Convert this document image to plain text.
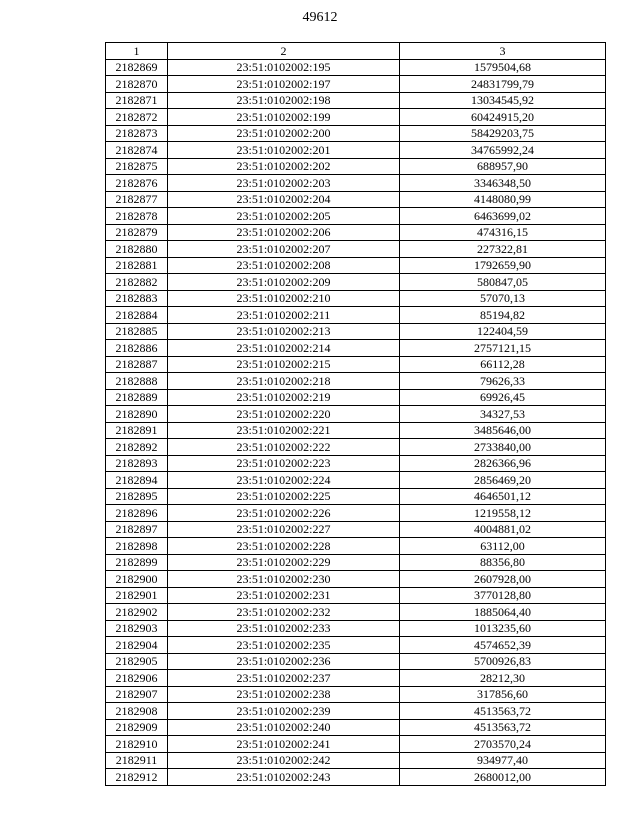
49612
1	2	3
2182869	23:51:0102002:195	1579504,68
2182870	23:51:0102002:197	24831799,79
2182871	23:51:0102002:198	13034545,92
2182872	23:51:0102002:199	60424915,20
2182873	23:51:0102002:200	58429203,75
2182874	23:51:0102002:201	34765992,24
2182875	23:51:0102002:202	688957,90
2182876	23:51:0102002:203	3346348,50
2182877	23:51:0102002:204	4148080,99
2182878	23:51:0102002:205	6463699,02
2182879	23:51:0102002:206	474316,15
2182880	23:51:0102002:207	227322,81
2182881	23:51:0102002:208	1792659,90
2182882	23:51:0102002:209	580847,05
2182883	23:51:0102002:210	57070,13
2182884	23:51:0102002:211	85194,82
2182885	23:51:0102002:213	122404,59
2182886	23:51:0102002:214	2757121,15
2182887	23:51:0102002:215	66112,28
2182888	23:51:0102002:218	79626,33
2182889	23:51:0102002:219	69926,45
2182890	23:51:0102002:220	34327,53
2182891	23:51:0102002:221	3485646,00
2182892	23:51:0102002:222	2733840,00
2182893	23:51:0102002:223	2826366,96
2182894	23:51:0102002:224	2856469,20
2182895	23:51:0102002:225	4646501,12
2182896	23:51:0102002:226	1219558,12
2182897	23:51:0102002:227	4004881,02
2182898	23:51:0102002:228	63112,00
2182899	23:51:0102002:229	88356,80
2182900	23:51:0102002:230	2607928,00
2182901	23:51:0102002:231	3770128,80
2182902	23:51:0102002:232	1885064,40
2182903	23:51:0102002:233	1013235,60
2182904	23:51:0102002:235	4574652,39
2182905	23:51:0102002:236	5700926,83
2182906	23:51:0102002:237	28212,30
2182907	23:51:0102002:238	317856,60
2182908	23:51:0102002:239	4513563,72
2182909	23:51:0102002:240	4513563,72
2182910	23:51:0102002:241	2703570,24
2182911	23:51:0102002:242	934977,40
2182912	23:51:0102002:243	2680012,00
